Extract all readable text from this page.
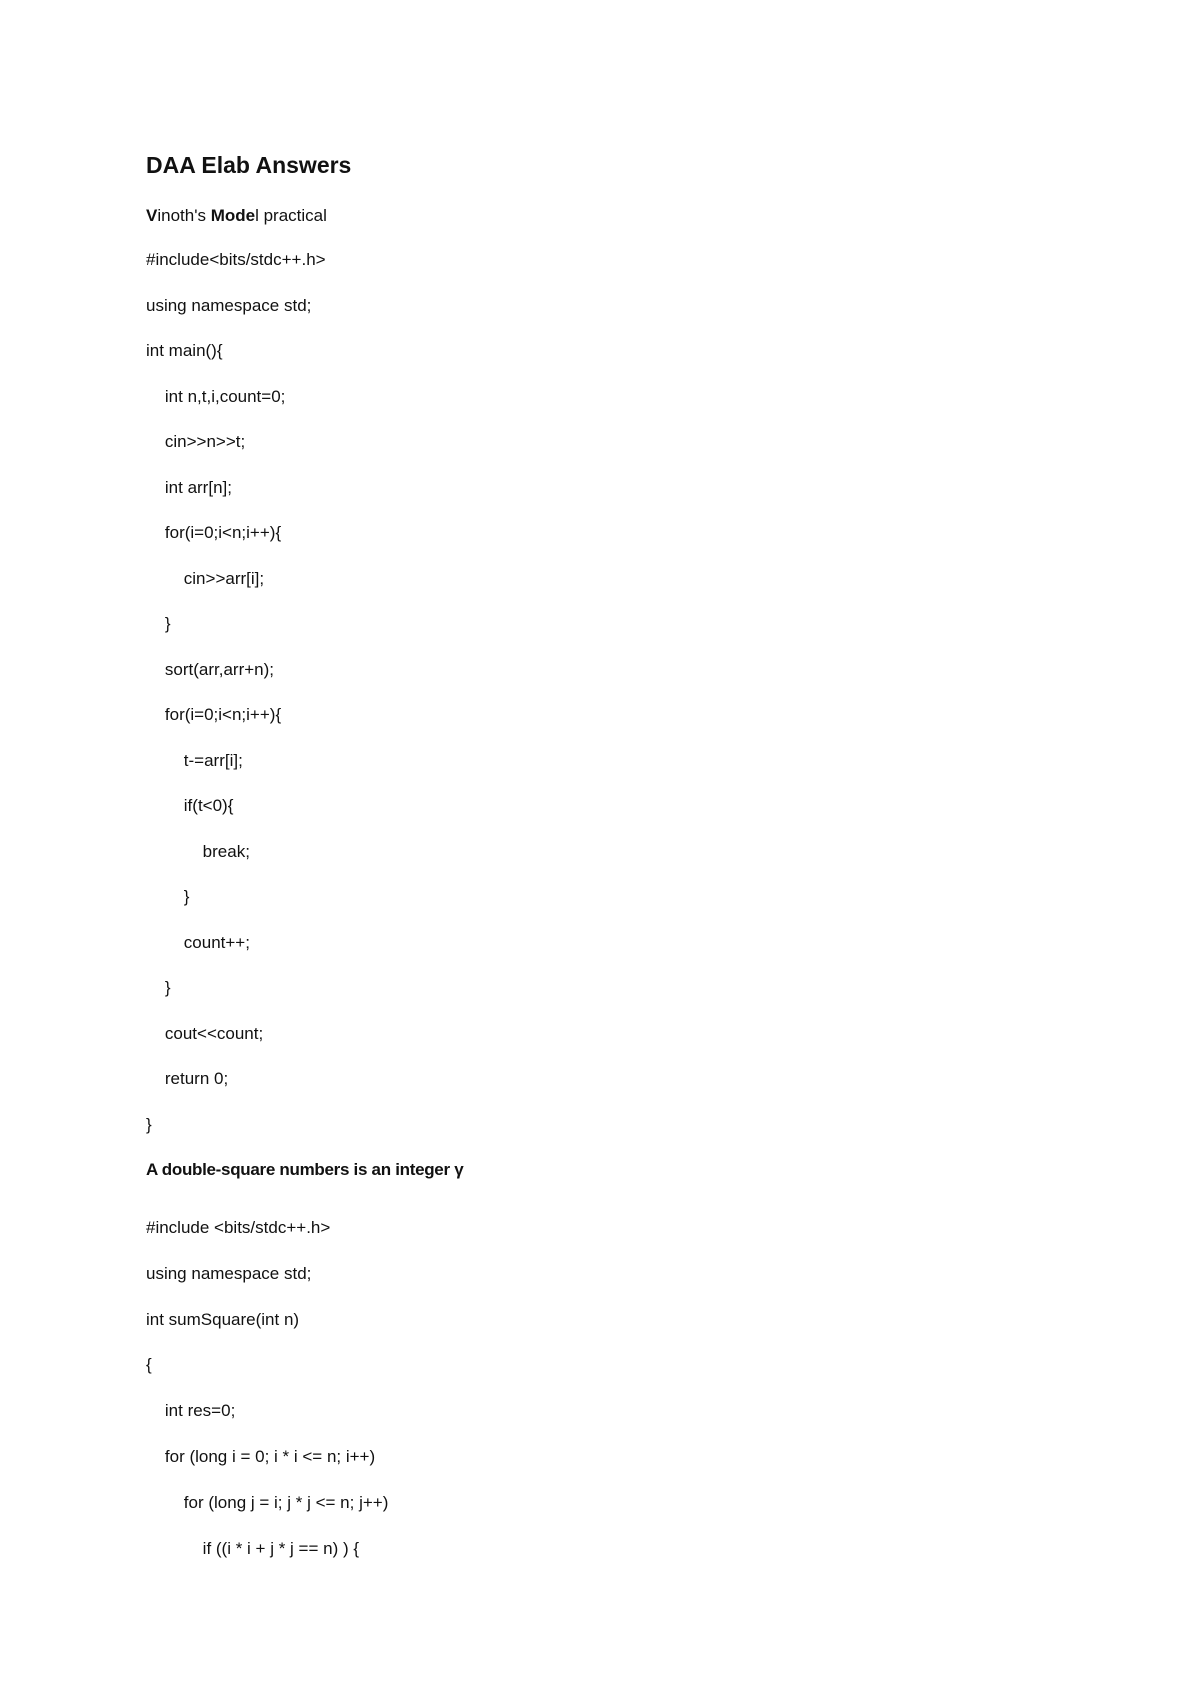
DAA Elab Answers
Vinoth's Model practical
#include<bits/stdc++.h>
using namespace std;
int main(){
int n,t,i,count=0;
cin>>n>>t;
int arr[n];
for(i=0;i<n;i++){
cin>>arr[i];
}
sort(arr,arr+n);
for(i=0;i<n;i++){
t-=arr[i];
if(t<0){
break;
}
count++;
}
cout<<count;
return 0;
}
A double-square numbers is an integer γ
#include <bits/stdc++.h>
using namespace std;
int sumSquare(int n)
{
int res=0;
for (long i = 0; i * i <= n; i++)
for (long j = i; j * j <= n; j++)
if ((i * i + j * j == n) ) {
